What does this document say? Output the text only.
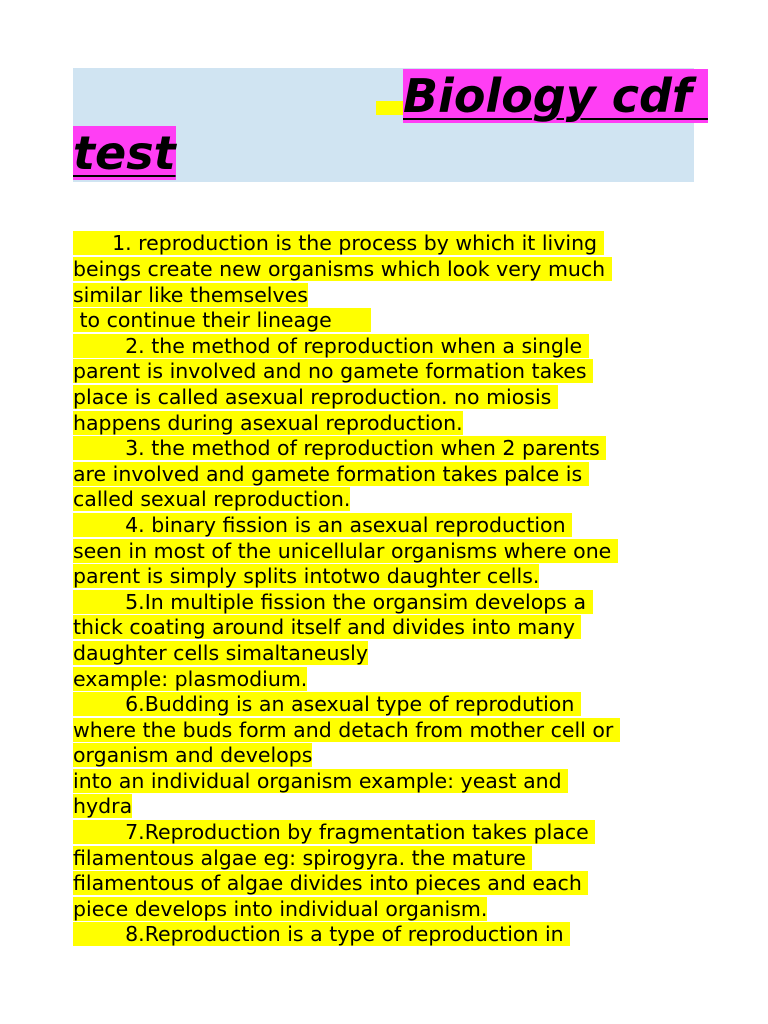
Biology cdf
test
1. reproduction is the process by which it living
beings create new organisms which look very much
similar like themselves
to continue their lineage
2. the method of reproduction when a single
parent is involved and no gamete formation takes
place is called asexual reproduction. no miosis
happens during asexual reproduction.
3. the method of reproduction when 2 parents
are involved and gamete formation takes palce is
called sexual reproduction.
4. binary fission is an asexual reproduction
seen in most of the unicellular organisms where one
parent is simply splits intotwo daughter cells.
5.In multiple fission the organsim develops a
thick coating around itself and divides into many
daughter cells simaltaneusly
example: plasmodium.
6.Budding is an asexual type of reprodution
where the buds form and detach from mother cell or
organism and develops
into an individual organism example: yeast and
hydra
7.Reproduction by fragmentation takes place
filamentous algae eg: spirogyra. the mature
filamentous of algae divides into pieces and each
piece develops into individual organism.
8.Reproduction is a type of reproduction in
